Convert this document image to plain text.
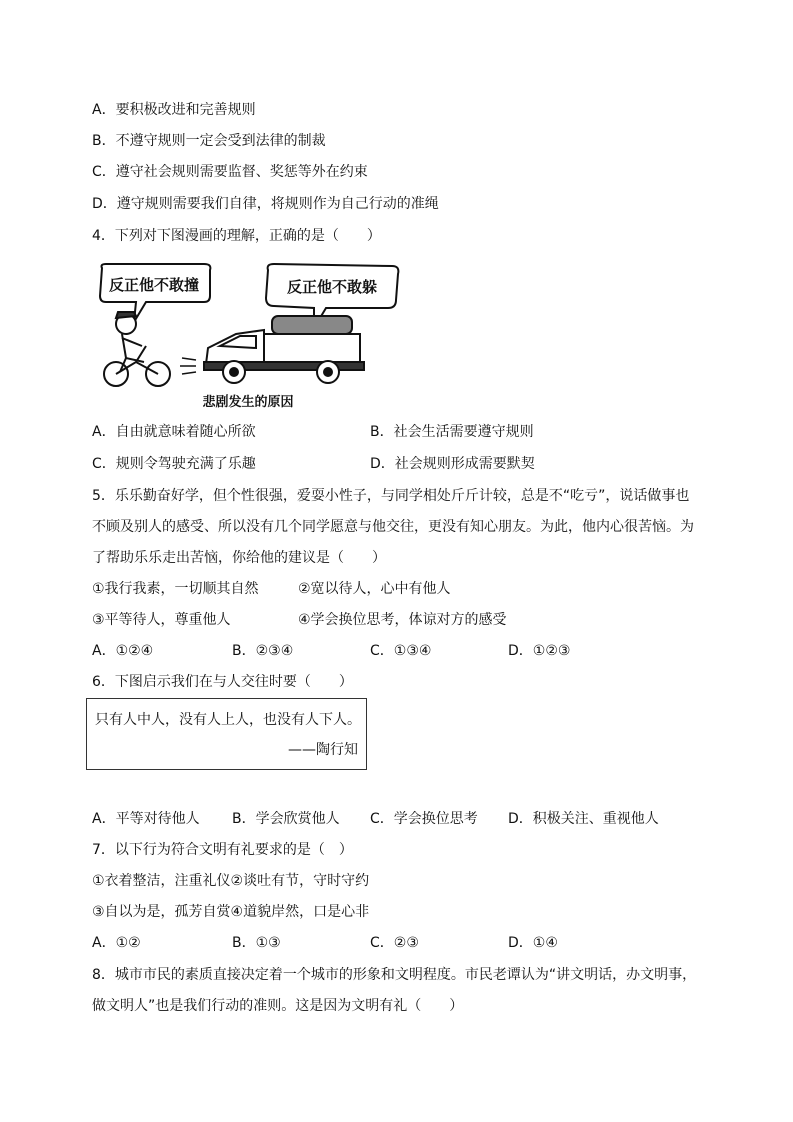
A．要积极改进和完善规则
B．不遵守规则一定会受到法律的制裁
C．遵守社会规则需要监督、奖惩等外在约束
D．遵守规则需要我们自律，将规则作为自己行动的准绳
4．下列对下图漫画的理解，正确的是（　　）
反正他不敢撞	反正他不敢躲
悲剧发生的原因
A．自由就意味着随心所欲	B．社会生活需要遵守规则
C．规则令驾驶充满了乐趣	D．社会规则形成需要默契
5．乐乐勤奋好学，但个性很强，爱耍小性子，与同学相处斤斤计较，总是不“吃亏”，说话做事也
不顾及别人的感受、所以没有几个同学愿意与他交往，更没有知心朋友。为此，他内心很苦恼。为
了帮助乐乐走出苦恼，你给他的建议是（　　）
①我行我素，一切顺其自然	②宽以待人，心中有他人
③平等待人，尊重他人	④学会换位思考，体谅对方的感受
A．①②④	B．②③④	C．①③④	D．①②③
6．下图启示我们在与人交往时要（　　）
只有人中人，没有人上人，也没有人下人。
——陶行知
A．平等对待他人 B．学会欣赏他人 C．学会换位思考 D．积极关注、重视他人
7．以下行为符合文明有礼要求的是（　）
①衣着整洁，注重礼仪②谈吐有节，守时守约
③自以为是，孤芳自赏④道貌岸然，口是心非
A．①②	B．①③	C．②③	D．①④
8．城市市民的素质直接决定着一个城市的形象和文明程度。市民老谭认为“讲文明话，办文明事，
做文明人”也是我们行动的准则。这是因为文明有礼（　　）
